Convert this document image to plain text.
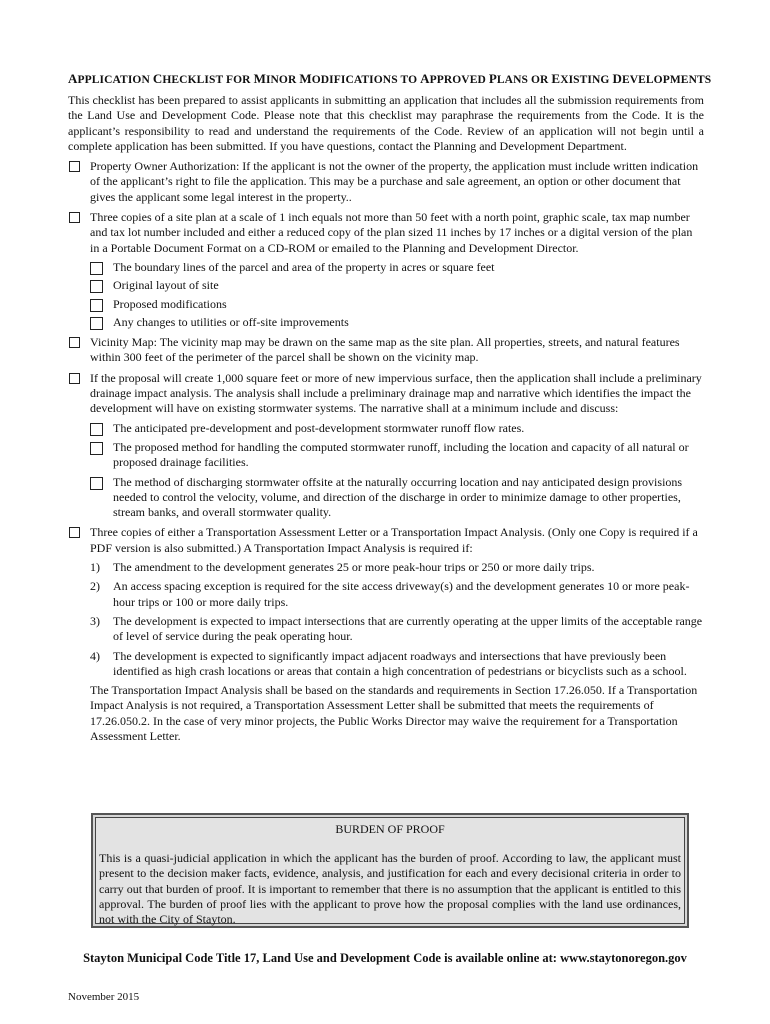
APPLICATION CHECKLIST FOR MINOR MODIFICATIONS TO APPROVED PLANS OR EXISTING DEVELOPMENTS

This checklist has been prepared to assist applicants in submitting an application that includes all the submission requirements from the Land Use and Development Code. Please note that this checklist may paraphrase the requirements from the Code. It is the applicant’s responsibility to read and understand the requirements of the Code. Review of an application will not begin until a complete application has been submitted. If you have questions, contact the Planning and Development Department.

Property Owner Authorization: If the applicant is not the owner of the property, the application must include written indication of the applicant’s right to file the application. This may be a purchase and sale agreement, an option or other document that gives the applicant some legal interest in the property..
Three copies of a site plan at a scale of 1 inch equals not more than 50 feet with a north point, graphic scale, tax map number and tax lot number included and either a reduced copy of the plan sized 11 inches by 17 inches or a digital version of the plan in a Portable Document Format on a CD-ROM or emailed to the Planning and Development Director.
The boundary lines of the parcel and area of the property in acres or square feet
Original layout of site
Proposed modifications
Any changes to utilities or off-site improvements
Vicinity Map: The vicinity map may be drawn on the same map as the site plan. All properties, streets, and natural features within 300 feet of the perimeter of the parcel shall be shown on the vicinity map.
If the proposal will create 1,000 square feet or more of new impervious surface, then the application shall include a preliminary drainage impact analysis. The analysis shall include a preliminary drainage map and narrative which identifies the impact the development will have on existing stormwater systems. The narrative shall at a minimum include and discuss:
The anticipated pre-development and post-development stormwater runoff flow rates.
The proposed method for handling the computed stormwater runoff, including the location and capacity of all natural or proposed drainage facilities.
The method of discharging stormwater offsite at the naturally occurring location and nay anticipated design provisions needed to control the velocity, volume, and direction of the discharge in order to minimize damage to other properties, stream banks, and overall stormwater quality.
Three copies of either a Transportation Assessment Letter or a Transportation Impact Analysis. (Only one Copy is required if a PDF version is also submitted.) A Transportation Impact Analysis is required if:
1) The amendment to the development generates 25 or more peak-hour trips or 250 or more daily trips.
2) An access spacing exception is required for the site access driveway(s) and the development generates 10 or more peak-hour trips or 100 or more daily trips.
3) The development is expected to impact intersections that are currently operating at the upper limits of the acceptable range of level of service during the peak operating hour.
4) The development is expected to significantly impact adjacent roadways and intersections that have previously been identified as high crash locations or areas that contain a high concentration of pedestrians or bicyclists such as a school.
The Transportation Impact Analysis shall be based on the standards and requirements in Section 17.26.050. If a Transportation Impact Analysis is not required, a Transportation Assessment Letter shall be submitted that meets the requirements of 17.26.050.2. In the case of very minor projects, the Public Works Director may waive the requirement for a Transportation Assessment Letter.
BURDEN OF PROOF
This is a quasi-judicial application in which the applicant has the burden of proof. According to law, the applicant must present to the decision maker facts, evidence, analysis, and justification for each and every decisional criteria in order to carry out that burden of proof. It is important to remember that there is no assumption that the applicant is entitled to this approval. The burden of proof lies with the applicant to prove how the proposal complies with the land use ordinances, not with the City of Stayton.
Stayton Municipal Code Title 17, Land Use and Development Code is available online at: www.staytonoregon.gov
November 2015
